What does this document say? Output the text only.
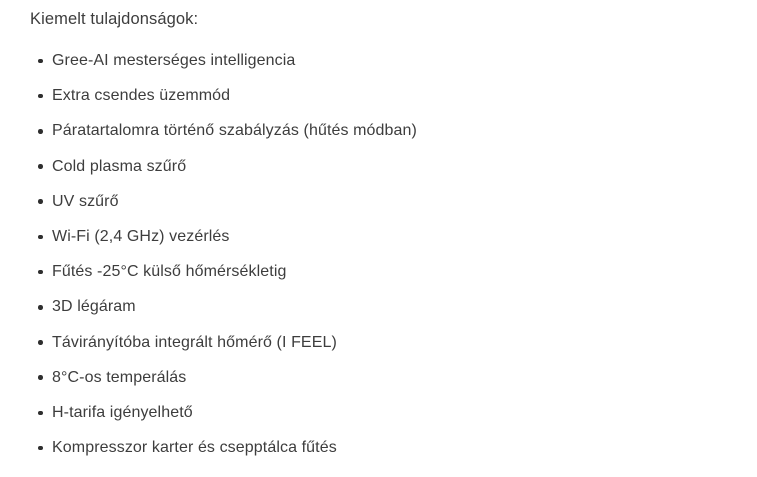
Kiemelt tulajdonságok:

Gree-AI mesterséges intelligencia
Extra csendes üzemmód
Páratartalomra történő szabályzás (hűtés módban)
Cold plasma szűrő
UV szűrő
Wi-Fi (2,4 GHz) vezérlés
Fűtés -25°C külső hőmérsékletig
3D légáram
Távirányítóba integrált hőmérő (I FEEL)
8°C-os temperálás
H-tarifa igényelhető
Kompresszor karter és csepptálca fűtés
